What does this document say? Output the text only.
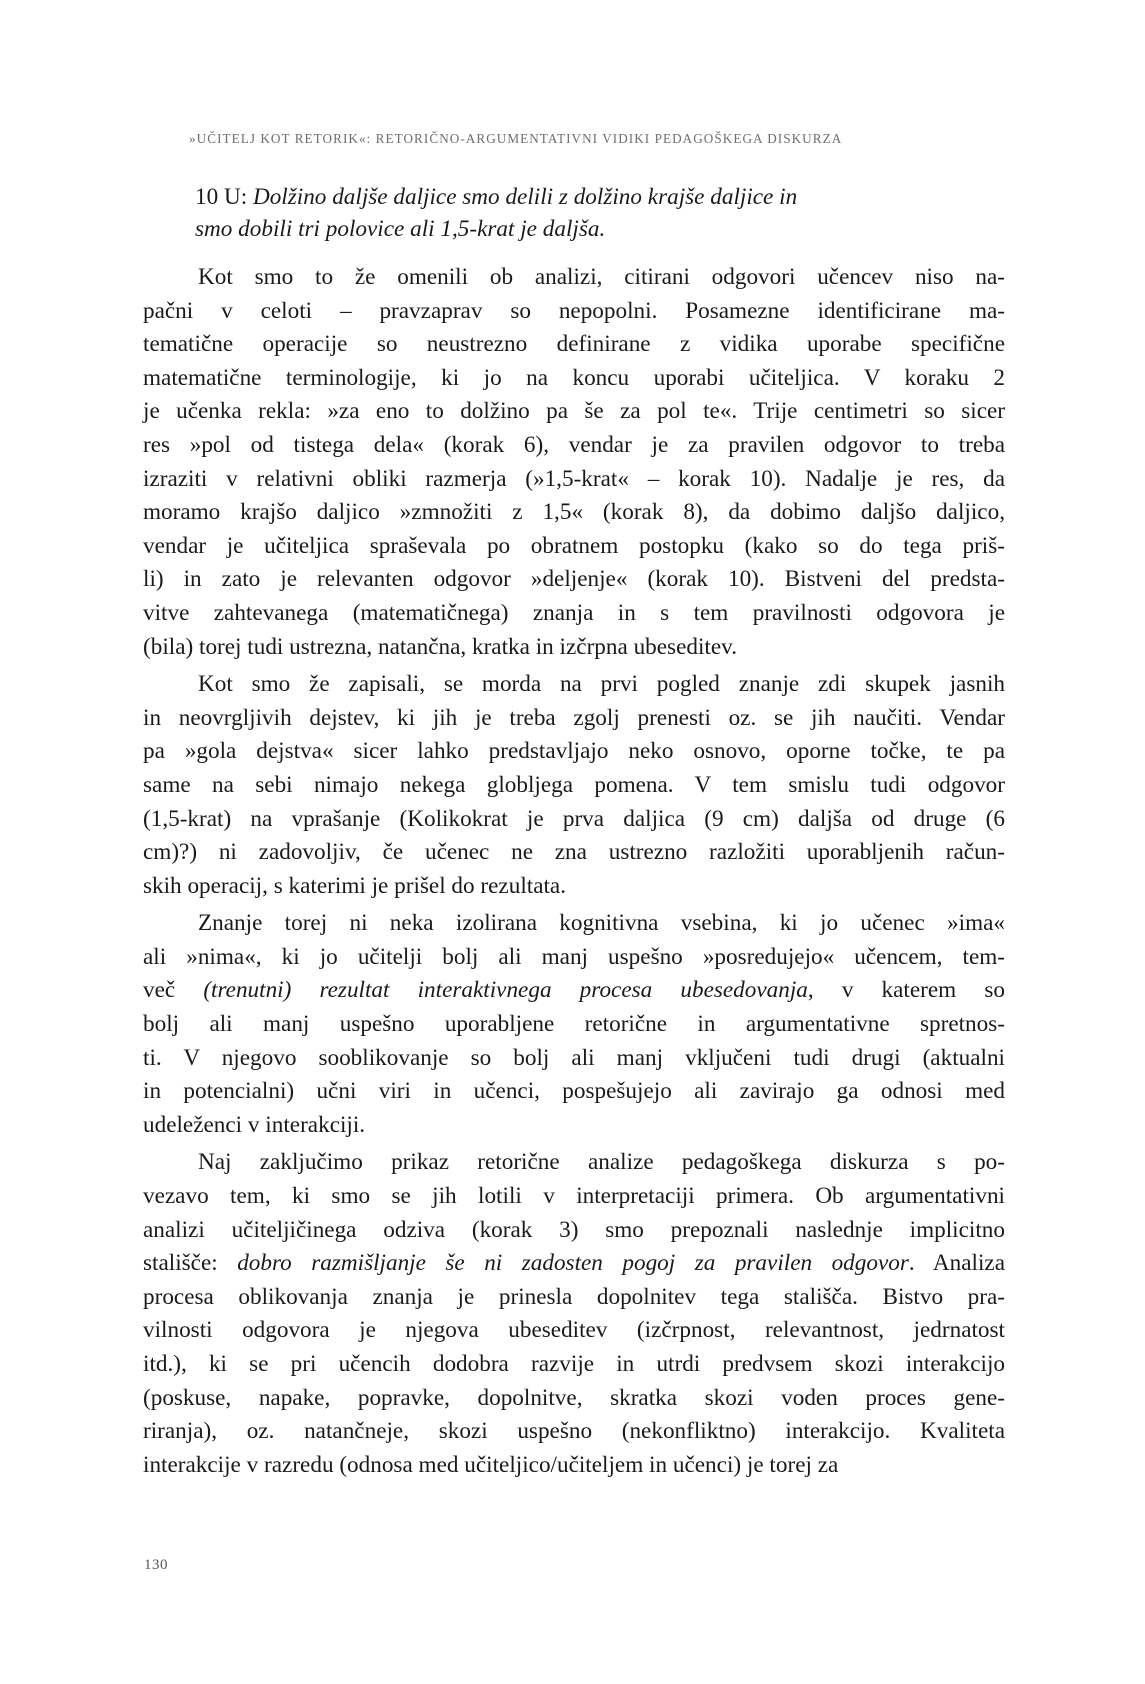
»UČITELJ KOT RETORIK«: RETORIČNO-ARGUMENTATIVNI VIDIKI PEDAGOŠKEGA DISKURZA
10 U: Dolžino daljše daljice smo delili z dolžino krajše daljice in
smo dobili tri polovice ali 1,5-krat je daljša.
Kot smo to že omenili ob analizi, citirani odgovori učencev niso na-
pačni v celoti – pravzaprav so nepopolni. Posamezne identificirane ma-
tematične operacije so neustrezno definirane z vidika uporabe specifične
matematične terminologije, ki jo na koncu uporabi učiteljica. V koraku 2
je učenka rekla: »za eno to dolžino pa še za pol te«. Trije centimetri so sicer
res »pol od tistega dela« (korak 6), vendar je za pravilen odgovor to treba
izraziti v relativni obliki razmerja (»1,5-krat« – korak 10). Nadalje je res, da
moramo krajšo daljico »zmnožiti z 1,5« (korak 8), da dobimo daljšo daljico,
vendar je učiteljica spraševala po obratnem postopku (kako so do tega priš-
li) in zato je relevanten odgovor »deljenje« (korak 10). Bistveni del predsta-
vitve zahtevanega (matematičnega) znanja in s tem pravilnosti odgovora je
(bila) torej tudi ustrezna, natančna, kratka in izčrpna ubeseditev.
Kot smo že zapisali, se morda na prvi pogled znanje zdi skupek jasnih
in neovrgljivih dejstev, ki jih je treba zgolj prenesti oz. se jih naučiti. Vendar
pa »gola dejstva« sicer lahko predstavljajo neko osnovo, oporne točke, te pa
same na sebi nimajo nekega globljega pomena. V tem smislu tudi odgovor
(1,5-krat) na vprašanje (Kolikokrat je prva daljica (9 cm) daljša od druge (6
cm)?) ni zadovoljiv, če učenec ne zna ustrezno razložiti uporabljenih račun-
skih operacij, s katerimi je prišel do rezultata.
Znanje torej ni neka izolirana kognitivna vsebina, ki jo učenec »ima«
ali »nima«, ki jo učitelji bolj ali manj uspešno »posredujejo« učencem, tem-
več (trenutni) rezultat interaktivnega procesa ubesedovanja, v katerem so
bolj ali manj uspešno uporabljene retorične in argumentativne spretnos-
ti. V njegovo sooblikovanje so bolj ali manj vključeni tudi drugi (aktualni
in potencialni) učni viri in učenci, pospešujejo ali zavirajo ga odnosi med
udeleženci v interakciji.
Naj zaključimo prikaz retorične analize pedagoškega diskurza s po-
vezavo tem, ki smo se jih lotili v interpretaciji primera. Ob argumentativni
analizi učiteljičinega odziva (korak 3) smo prepoznali naslednje implicitno
stališče: dobro razmišljanje še ni zadosten pogoj za pravilen odgovor. Analiza
procesa oblikovanja znanja je prinesla dopolnitev tega stališča. Bistvo pra-
vilnosti odgovora je njegova ubeseditev (izčrpnost, relevantnost, jedrnatost
itd.), ki se pri učencih dodobra razvije in utrdi predvsem skozi interakcijo
(poskuse, napake, popravke, dopolnitve, skratka skozi voden proces gene-
riranja), oz. natančneje, skozi uspešno (nekonfliktno) interakcijo. Kvaliteta
interakcije v razredu (odnosa med učiteljico/učiteljem in učenci) je torej za
130
